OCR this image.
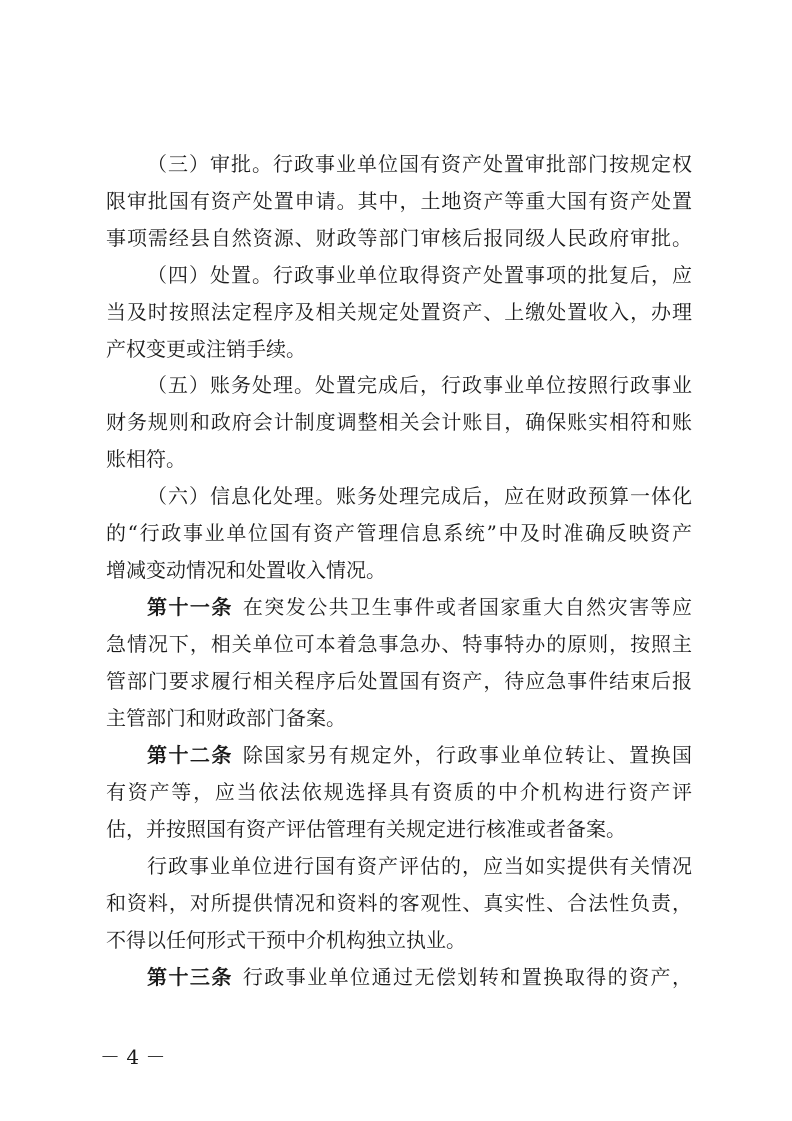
（三）审批。行政事业单位国有资产处置审批部门按规定权
限审批国有资产处置申请。其中，土地资产等重大国有资产处置
事项需经县自然资源、财政等部门审核后报同级人民政府审批。
（四）处置。行政事业单位取得资产处置事项的批复后，应
当及时按照法定程序及相关规定处置资产、上缴处置收入，办理
产权变更或注销手续。
（五）账务处理。处置完成后，行政事业单位按照行政事业
财务规则和政府会计制度调整相关会计账目，确保账实相符和账
账相符。
（六）信息化处理。账务处理完成后，应在财政预算一体化
的“行政事业单位国有资产管理信息系统”中及时准确反映资产
增减变动情况和处置收入情况。
第十一条 在突发公共卫生事件或者国家重大自然灾害等应
急情况下，相关单位可本着急事急办、特事特办的原则，按照主
管部门要求履行相关程序后处置国有资产，待应急事件结束后报
主管部门和财政部门备案。
第十二条 除国家另有规定外，行政事业单位转让、置换国
有资产等，应当依法依规选择具有资质的中介机构进行资产评
估，并按照国有资产评估管理有关规定进行核准或者备案。
行政事业单位进行国有资产评估的，应当如实提供有关情况
和资料，对所提供情况和资料的客观性、真实性、合法性负责，
不得以任何形式干预中介机构独立执业。
第十三条 行政事业单位通过无偿划转和置换取得的资产，
－ 4 －
